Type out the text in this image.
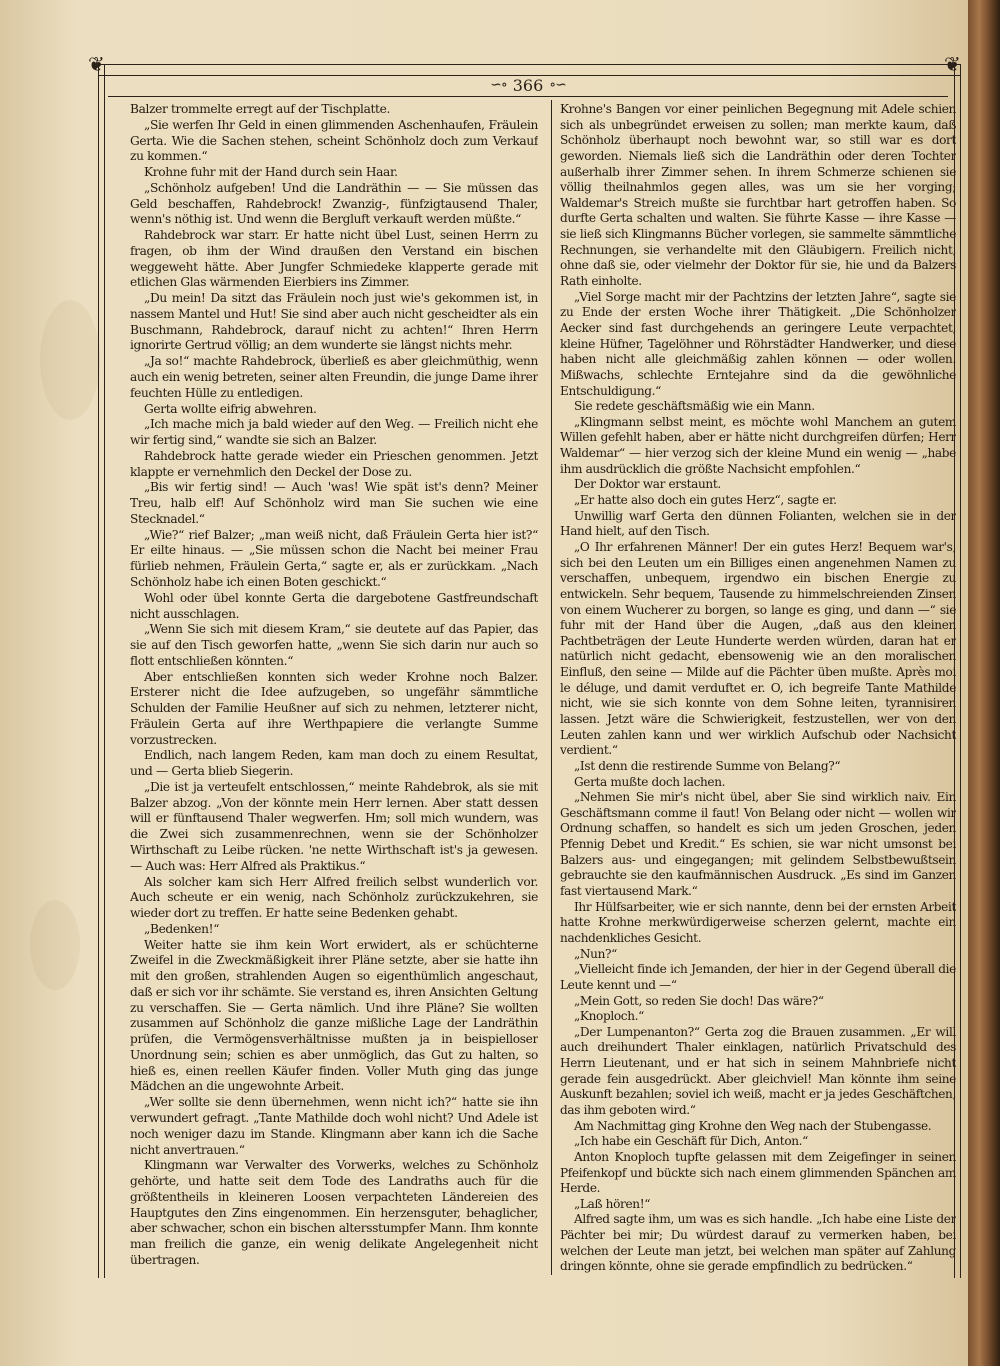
❦	❦
∽∘ 366 ∘∽

Balzer trommelte erregt auf der Tischplatte.

„Sie werfen Ihr Geld in einen glimmenden Aschenhaufen, Fräulein Gerta. Wie die Sachen stehen, scheint Schönholz doch zum Verkauf zu kommen.“

Krohne fuhr mit der Hand durch sein Haar.

„Schönholz aufgeben! Und die Landräthin — — Sie müssen das Geld beschaffen, Rahdebrock! Zwanzig-, fünfzigtausend Thaler, wenn's nöthig ist. Und wenn die Bergluft verkauft werden müßte.“

Rahdebrock war starr. Er hatte nicht übel Lust, seinen Herrn zu fragen, ob ihm der Wind draußen den Verstand ein bischen weggeweht hätte. Aber Jungfer Schmiedeke klapperte gerade mit etlichen Glas wärmenden Eierbiers ins Zimmer.

„Du mein! Da sitzt das Fräulein noch just wie's gekommen ist, in nassem Mantel und Hut! Sie sind aber auch nicht gescheidter als ein Buschmann, Rahdebrock, darauf nicht zu achten!“ Ihren Herrn ignorirte Gertrud völlig; an dem wunderte sie längst nichts mehr.

„Ja so!“ machte Rahdebrock, überließ es aber gleichmüthig, wenn auch ein wenig betreten, seiner alten Freundin, die junge Dame ihrer feuchten Hülle zu entledigen.

Gerta wollte eifrig abwehren.

„Ich mache mich ja bald wieder auf den Weg. — Freilich nicht ehe wir fertig sind,“ wandte sie sich an Balzer.

Rahdebrock hatte gerade wieder ein Prieschen genommen. Jetzt klappte er vernehmlich den Deckel der Dose zu.

„Bis wir fertig sind! — Auch 'was! Wie spät ist's denn? Meiner Treu, halb elf! Auf Schönholz wird man Sie suchen wie eine Stecknadel.“

„Wie?“ rief Balzer; „man weiß nicht, daß Fräulein Gerta hier ist?“ Er eilte hinaus. — „Sie müssen schon die Nacht bei meiner Frau fürlieb nehmen, Fräulein Gerta,“ sagte er, als er zurückkam. „Nach Schönholz habe ich einen Boten geschickt.“

Wohl oder übel konnte Gerta die dargebotene Gastfreundschaft nicht ausschlagen.

„Wenn Sie sich mit diesem Kram,“ sie deutete auf das Papier, das sie auf den Tisch geworfen hatte, „wenn Sie sich darin nur auch so flott entschließen könnten.“

Aber entschließen konnten sich weder Krohne noch Balzer. Ersterer nicht die Idee aufzugeben, so ungefähr sämmtliche Schulden der Familie Heußner auf sich zu nehmen, letzterer nicht, Fräulein Gerta auf ihre Werthpapiere die verlangte Summe vorzustrecken.

Endlich, nach langem Reden, kam man doch zu einem Resultat, und — Gerta blieb Siegerin.

„Die ist ja verteufelt entschlossen,“ meinte Rahdebrok, als sie mit Balzer abzog. „Von der könnte mein Herr lernen. Aber statt dessen will er fünftausend Thaler wegwerfen. Hm; soll mich wundern, was die Zwei sich zusammenrechnen, wenn sie der Schönholzer Wirthschaft zu Leibe rücken. 'ne nette Wirthschaft ist's ja gewesen. — Auch was: Herr Alfred als Praktikus.“

Als solcher kam sich Herr Alfred freilich selbst wunderlich vor. Auch scheute er ein wenig, nach Schönholz zurückzukehren, sie wieder dort zu treffen. Er hatte seine Bedenken gehabt.

„Bedenken!“

Weiter hatte sie ihm kein Wort erwidert, als er schüchterne Zweifel in die Zweckmäßigkeit ihrer Pläne setzte, aber sie hatte ihn mit den großen, strahlenden Augen so eigenthümlich angeschaut, daß er sich vor ihr schämte. Sie verstand es, ihren Ansichten Geltung zu verschaffen. Sie — Gerta nämlich. Und ihre Pläne? Sie wollten zusammen auf Schönholz die ganze mißliche Lage der Landräthin prüfen, die Vermögensverhältnisse mußten ja in beispielloser Unordnung sein; schien es aber unmöglich, das Gut zu halten, so hieß es, einen reellen Käufer finden. Voller Muth ging das junge Mädchen an die ungewohnte Arbeit.

„Wer sollte sie denn übernehmen, wenn nicht ich?“ hatte sie ihn verwundert gefragt. „Tante Mathilde doch wohl nicht? Und Adele ist noch weniger dazu im Stande. Klingmann aber kann ich die Sache nicht anvertrauen.“

Klingmann war Verwalter des Vorwerks, welches zu Schönholz gehörte, und hatte seit dem Tode des Landraths auch für die größtentheils in kleineren Loosen verpachteten Ländereien des Hauptgutes den Zins eingenommen. Ein herzensguter, behaglicher, aber schwacher, schon ein bischen altersstumpfer Mann. Ihm konnte man freilich die ganze, ein wenig delikate Angelegenheit nicht übertragen.

Krohne's Bangen vor einer peinlichen Begegnung mit Adele schien sich als unbegründet erweisen zu sollen; man merkte kaum, daß Schönholz überhaupt noch bewohnt war, so still war es dort geworden. Niemals ließ sich die Landräthin oder deren Tochter außerhalb ihrer Zimmer sehen. In ihrem Schmerze schienen sie völlig theilnahmlos gegen alles, was um sie her vorging; Waldemar's Streich mußte sie furchtbar hart getroffen haben. So durfte Gerta schalten und walten. Sie führte Kasse — ihre Kasse — sie ließ sich Klingmanns Bücher vorlegen, sie sammelte sämmtliche Rechnungen, sie verhandelte mit den Gläubigern. Freilich nicht, ohne daß sie, oder vielmehr der Doktor für sie, hie und da Balzers Rath einholte.

„Viel Sorge macht mir der Pachtzins der letzten Jahre“, sagte sie zu Ende der ersten Woche ihrer Thätigkeit. „Die Schönholzer Aecker sind fast durchgehends an geringere Leute verpachtet, kleine Hüfner, Tagelöhner und Röhrstädter Handwerker, und diese haben nicht alle gleichmäßig zahlen können — oder wollen. Mißwachs, schlechte Erntejahre sind da die gewöhnliche Entschuldigung.“

Sie redete geschäftsmäßig wie ein Mann.

„Klingmann selbst meint, es möchte wohl Manchem an gutem Willen gefehlt haben, aber er hätte nicht durchgreifen dürfen; Herr Waldemar“ — hier verzog sich der kleine Mund ein wenig — „habe ihm ausdrücklich die größte Nachsicht empfohlen.“

Der Doktor war erstaunt.

„Er hatte also doch ein gutes Herz“, sagte er.

Unwillig warf Gerta den dünnen Folianten, welchen sie in der Hand hielt, auf den Tisch.

„O Ihr erfahrenen Männer! Der ein gutes Herz! Bequem war's, sich bei den Leuten um ein Billiges einen angenehmen Namen zu verschaffen, unbequem, irgendwo ein bischen Energie zu entwickeln. Sehr bequem, Tausende zu himmelschreienden Zinsen von einem Wucherer zu borgen, so lange es ging, und dann —“ sie fuhr mit der Hand über die Augen, „daß aus den kleinen Pachtbeträgen der Leute Hunderte werden würden, daran hat er natürlich nicht gedacht, ebensowenig wie an den moralischen Einfluß, den seine — Milde auf die Pächter üben mußte. Après moi le déluge, und damit verduftet er. O, ich begreife Tante Mathilde nicht, wie sie sich konnte von dem Sohne leiten, tyrannisiren lassen. Jetzt wäre die Schwierigkeit, festzustellen, wer von den Leuten zahlen kann und wer wirklich Aufschub oder Nachsicht verdient.“

„Ist denn die restirende Summe von Belang?“

Gerta mußte doch lachen.

„Nehmen Sie mir's nicht übel, aber Sie sind wirklich naiv. Ein Geschäftsmann comme il faut! Von Belang oder nicht — wollen wir Ordnung schaffen, so handelt es sich um jeden Groschen, jeden Pfennig Debet und Kredit.“ Es schien, sie war nicht umsonst bei Balzers aus- und eingegangen; mit gelindem Selbstbewußtsein gebrauchte sie den kaufmännischen Ausdruck. „Es sind im Ganzen fast viertausend Mark.“

Ihr Hülfsarbeiter, wie er sich nannte, denn bei der ernsten Arbeit hatte Krohne merkwürdigerweise scherzen gelernt, machte ein nachdenkliches Gesicht.

„Nun?“

„Vielleicht finde ich Jemanden, der hier in der Gegend überall die Leute kennt und —“

„Mein Gott, so reden Sie doch! Das wäre?“

„Knoploch.“

„Der Lumpenanton?“ Gerta zog die Brauen zusammen. „Er will auch dreihundert Thaler einklagen, natürlich Privatschuld des Herrn Lieutenant, und er hat sich in seinem Mahnbriefe nicht gerade fein ausgedrückt. Aber gleichviel! Man könnte ihm seine Auskunft bezahlen; soviel ich weiß, macht er ja jedes Geschäftchen, das ihm geboten wird.“

Am Nachmittag ging Krohne den Weg nach der Stubengasse.

„Ich habe ein Geschäft für Dich, Anton.“

Anton Knoploch tupfte gelassen mit dem Zeigefinger in seinen Pfeifenkopf und bückte sich nach einem glimmenden Spänchen am Herde.

„Laß hören!“

Alfred sagte ihm, um was es sich handle. „Ich habe eine Liste der Pächter bei mir; Du würdest darauf zu vermerken haben, bei welchen der Leute man jetzt, bei welchen man später auf Zahlung dringen könnte, ohne sie gerade empfindlich zu bedrücken.“
